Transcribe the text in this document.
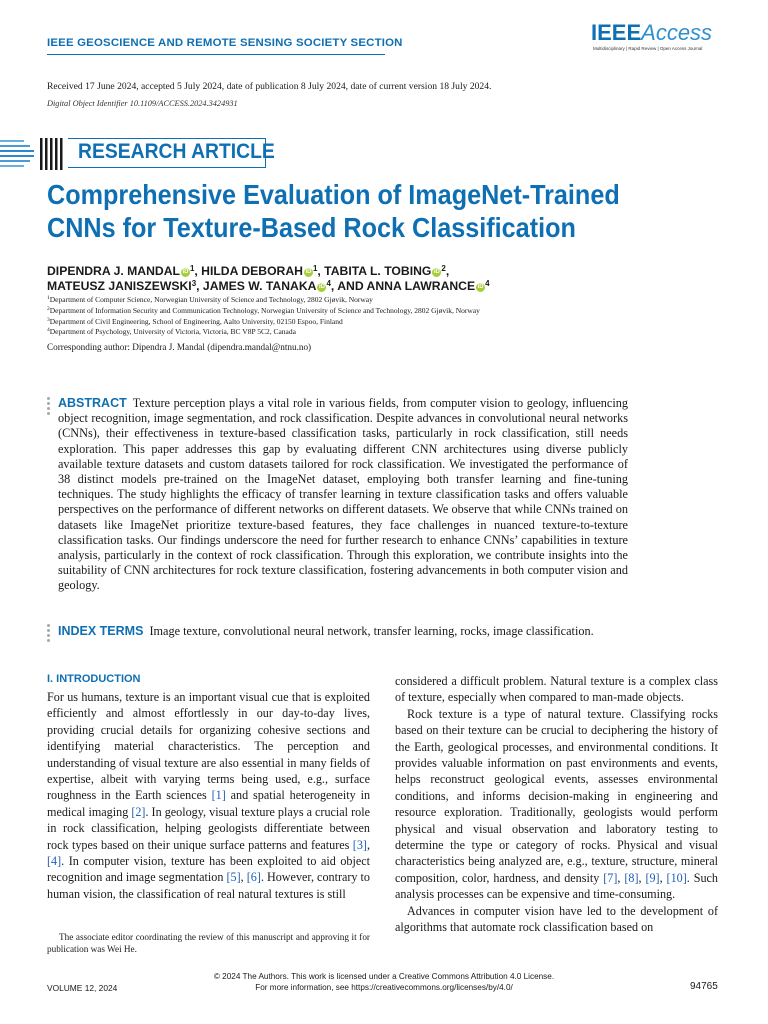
IEEE GEOSCIENCE AND REMOTE SENSING SOCIETY SECTION	IEEEAccess
Multidisciplinary | Rapid Review | Open Access Journal
Received 17 June 2024, accepted 5 July 2024, date of publication 8 July 2024, date of current version 18 July 2024.
Digital Object Identifier 10.1109/ACCESS.2024.3424931
RESEARCH ARTICLE
Comprehensive Evaluation of ImageNet-Trained CNNs for Texture-Based Rock Classification
DIPENDRA J. MANDAL iD $^1$, HILDA DEBORAH iD $^1$, TABITA L. TOBING iD $^2$,
MATEUSZ JANISZEWSKI$^3$, JAMES W. TANAKA iD $^4$, AND ANNA LAWRANCE iD $^4$
$^1$Department of Computer Science, Norwegian University of Science and Technology, 2802 Gjøvik, Norway
$^2$Department of Information Security and Communication Technology, Norwegian University of Science and Technology, 2802 Gjøvik, Norway
$^3$Department of Civil Engineering, School of Engineering, Aalto University, 02150 Espoo, Finland
$^4$Department of Psychology, University of Victoria, Victoria, BC V8P 5C2, Canada
Corresponding author: Dipendra J. Mandal (dipendra.mandal@ntnu.no)
ABSTRACT Texture perception plays a vital role in various fields, from computer vision to geology, influencing object recognition, image segmentation, and rock classification. Despite advances in convolutional neural networks (CNNs), their effectiveness in texture-based classification tasks, particularly in rock classification, still needs exploration. This paper addresses this gap by evaluating different CNN architectures using diverse publicly available texture datasets and custom datasets tailored for rock classification. We investigated the performance of 38 distinct models pre-trained on the ImageNet dataset, employing both transfer learning and fine-tuning techniques. The study highlights the efficacy of transfer learning in texture classification tasks and offers valuable perspectives on the performance of different networks on different datasets. We observe that while CNNs trained on datasets like ImageNet prioritize texture-based features, they face challenges in nuanced texture-to-texture classification tasks. Our findings underscore the need for further research to enhance CNNs’ capabilities in texture analysis, particularly in the context of rock classification. Through this exploration, we contribute insights into the suitability of CNN architectures for rock texture classification, fostering advancements in both computer vision and geology.
INDEX TERMS Image texture, convolutional neural network, transfer learning, rocks, image classification.
I. INTRODUCTION

For us humans, texture is an important visual cue that is exploited efficiently and almost effortlessly in our day-to-day lives, providing crucial details for organizing cohesive sections and identifying material characteristics. The perception and understanding of visual texture are also essential in many fields of expertise, albeit with varying terms being used, e.g., surface roughness in the Earth sciences [1] and spatial heterogeneity in medical imaging [2]. In geology, visual texture plays a crucial role in rock classification, helping geologists differentiate between rock types based on their unique surface patterns and features [3], [4]. In computer vision, texture has been exploited to aid object recognition and image segmentation [5], [6]. However, contrary to human vision, the classification of real natural textures is still

considered a difficult problem. Natural texture is a complex class of texture, especially when compared to man-made objects.

Rock texture is a type of natural texture. Classifying rocks based on their texture can be crucial to deciphering the history of the Earth, geological processes, and environmental conditions. It provides valuable information on past environments and events, helps reconstruct geological events, assesses environmental conditions, and informs decision-making in engineering and resource exploration. Traditionally, geologists would perform physical and visual observation and laboratory testing to determine the type or category of rocks. Physical and visual characteristics being analyzed are, e.g., texture, structure, mineral composition, color, hardness, and density [7], [8], [9], [10]. Such analysis processes can be expensive and time-consuming.

Advances in computer vision have led to the development of algorithms that automate rock classification based on

The associate editor coordinating the review of this manuscript and approving it for publication was Wei He.
© 2024 The Authors. This work is licensed under a Creative Commons Attribution 4.0 License.
For more information, see https://creativecommons.org/licenses/by/4.0/
VOLUME 12, 2024	94765
